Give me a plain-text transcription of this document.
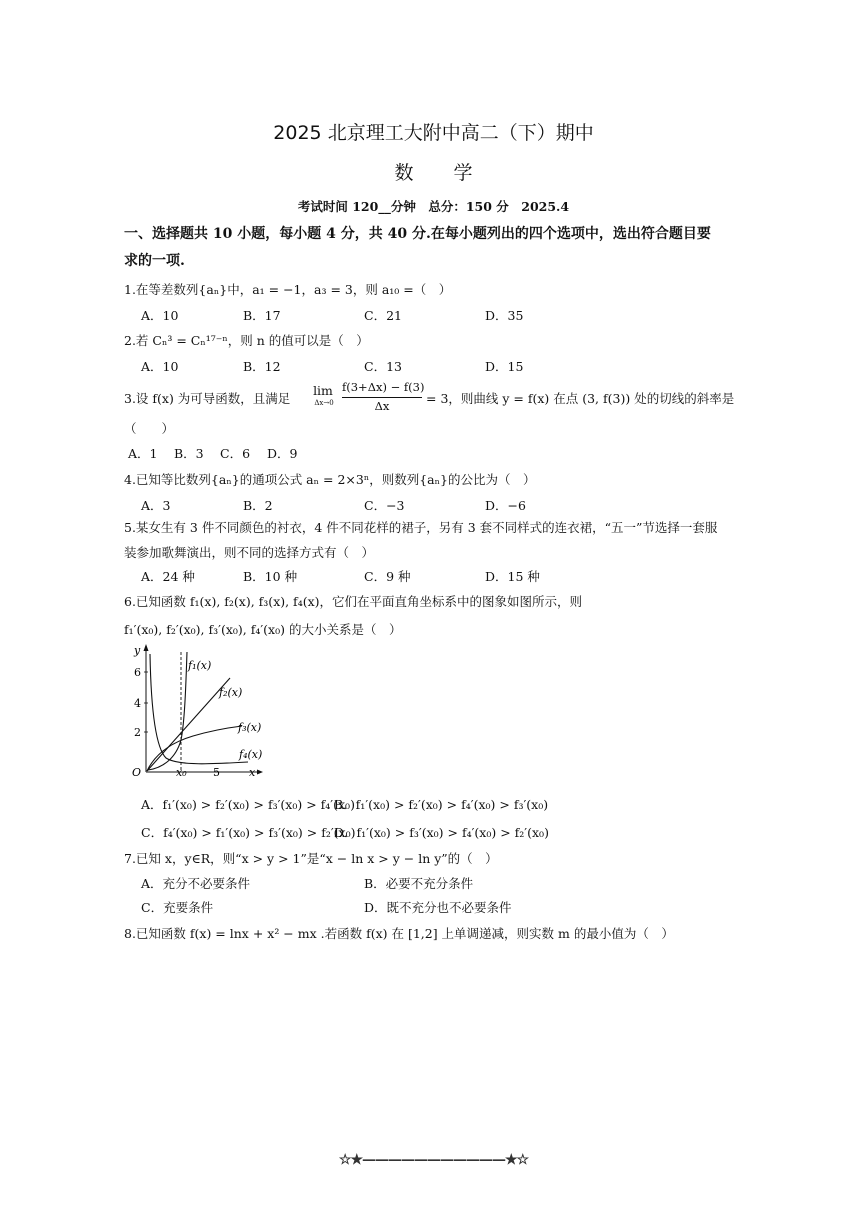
2025 北京理工大附中高二（下）期中
数学
考试时间 120__分钟　总分：150 分　2025.4
一、选择题共 10 小题，每小题 4 分，共 40 分.在每小题列出的四个选项中，选出符合题目要
求的一项.
1.在等差数列{aₙ}中，a₁ = −1，a₃ = 3，则 a₁₀ =（　）
A．10	B．17	C．21	D．35
2.若 Cₙ³ = Cₙ¹⁷⁻ⁿ，则 n 的值可以是（　）
A．10	B．12	C．13	D．15
3.设 f(x) 为可导函数，且满足
lim
Δx→0
f(3+Δx) − f(3)
Δx	= 3，则曲线 y = f(x) 在点 (3, f(3)) 处的切线的斜率是
（　　）
A．1 B．3 C．6 D．9
4.已知等比数列{aₙ}的通项公式 aₙ = 2×3ⁿ，则数列{aₙ}的公比为（　）
A．3	B．2	C．−3	D．−6
5.某女生有 3 件不同颜色的衬衣，4 件不同花样的裙子，另有 3 套不同样式的连衣裙，“五一”节选择一套服
装参加歌舞演出，则不同的选择方式有（　）
A．24 种	B．10 种	C．9 种	D．15 种
6.已知函数 f₁(x), f₂(x), f₃(x), f₄(x)，它们在平面直角坐标系中的图象如图所示，则
f₁′(x₀), f₂′(x₀), f₃′(x₀), f₄′(x₀) 的大小关系是（　）
y
6
4
2
O	x₀ 5	x
f₁(x)
f₂(x)
f₃(x)
f₄(x)
A．f₁′(x₀) > f₂′(x₀) > f₃′(x₀) > f₄′(x₀)
B．f₁′(x₀) > f₂′(x₀) > f₄′(x₀) > f₃′(x₀)
C．f₄′(x₀) > f₁′(x₀) > f₃′(x₀) > f₂′(x₀)
D．f₁′(x₀) > f₃′(x₀) > f₄′(x₀) > f₂′(x₀)
7.已知 x，y∈R，则“x > y > 1”是“x − ln x > y − ln y”的（　）
A．充分不必要条件	B．必要不充分条件
C．充要条件	D．既不充分也不必要条件
8.已知函数 f(x) = lnx + x² − mx .若函数 f(x) 在 [1,2] 上单调递减，则实数 m 的最小值为（　）
☆★———————————★☆
